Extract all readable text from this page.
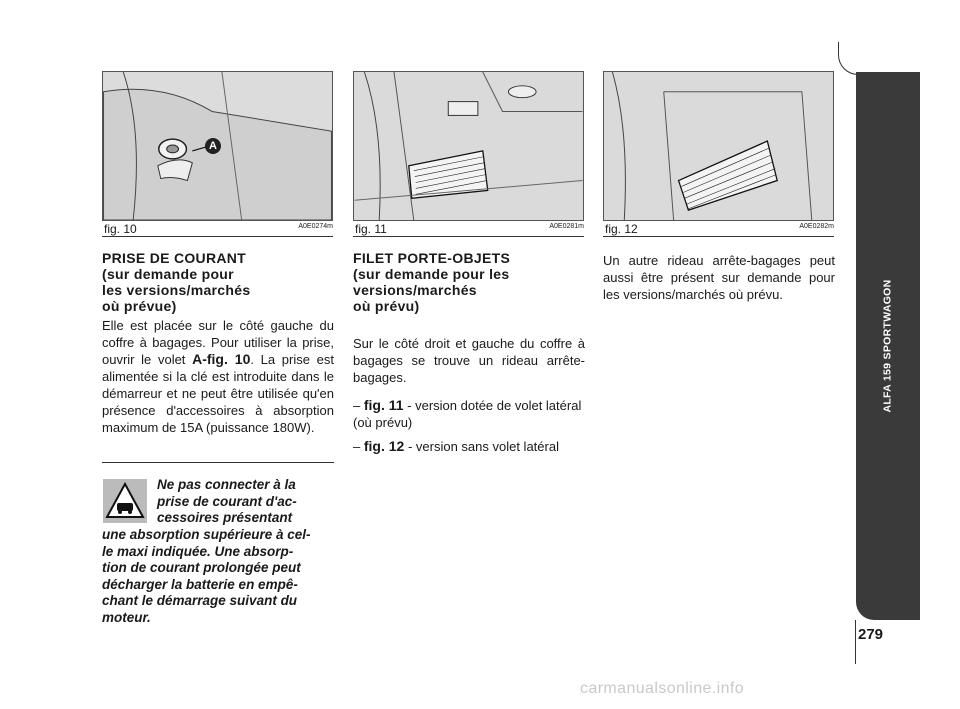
A
fig. 10	A0E0274m fig. 11	A0E0281m fig. 12	A0E0282m
PRISE DE COURANT
(sur demande pour
les versions/marchés
où prévue)
Elle est placée sur le côté gauche du coffre à bagages. Pour utiliser la prise, ouvrir le volet A-fig. 10. La prise est alimentée si la clé est introduite dans le démarreur et ne peut être utilisée qu'en présence d'accessoires à absorption maximum de 15A (puissance 180W).
Ne pas connecter à la
prise de courant d'ac-
cessoires présentant
une absorption supérieure à cel-
le maxi indiquée. Une absorp-
tion de courant prolongée peut
décharger la batterie en empê-
chant le démarrage suivant du
moteur.
FILET PORTE-OBJETS
(sur demande pour les
versions/marchés
où prévu)
Sur le côté droit et gauche du coffre à bagages se trouve un rideau arrête-bagages.
– fig. 11 - version dotée de volet latéral (où prévu)
– fig. 12 - version sans volet latéral
Un autre rideau arrête-bagages peut aussi être présent sur demande pour les versions/marchés où prévu.	ALFA 159 SPORTWAGON
279
carmanualsonline.info
